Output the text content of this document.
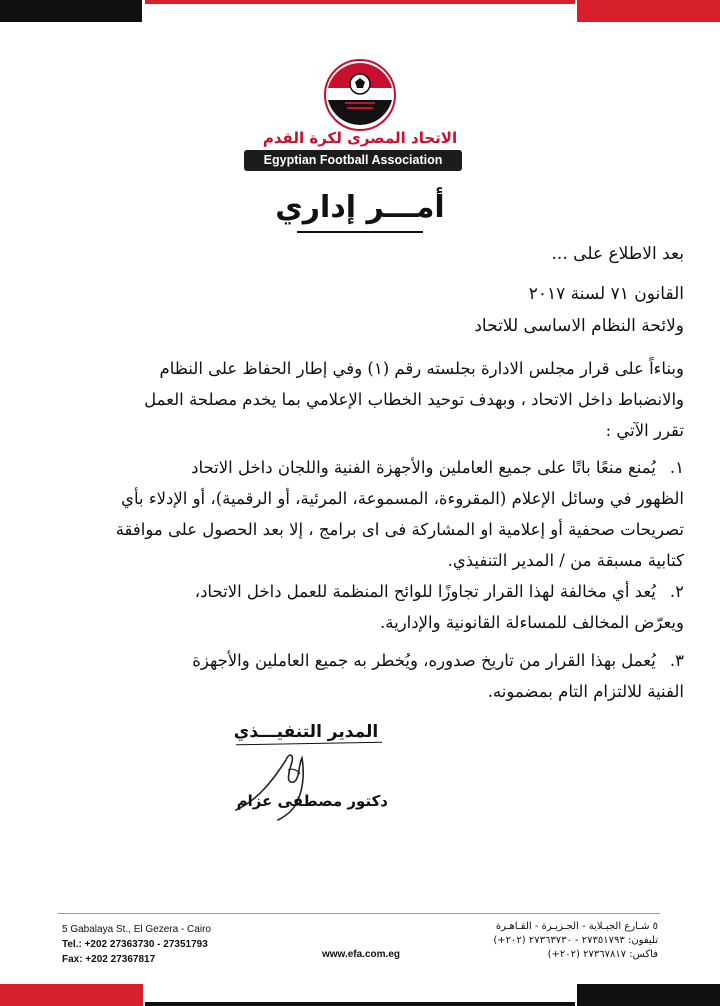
الاتحاد المصرى لكرة القدم
Egyptian Football Association
أمـــر إداري
بعد الاطلاع على ...
القانون ٧١ لسنة ٢٠١٧
ولائحة النظام الاساسى للاتحاد
وبناءاً على قرار مجلس الادارة بجلسته رقم (١) وفي إطار الحفاظ على النظام
والانضباط داخل الاتحاد ، وبهدف توحيد الخطاب الإعلامي بما يخدم مصلحة العمل
تقرر الآتي :
١.يُمنع منعًا باتًا على جميع العاملين والأجهزة الفنية واللجان داخل الاتحاد
الظهور في وسائل الإعلام (المقروءة، المسموعة، المرئية، أو الرقمية)، أو الإدلاء بأي
تصريحات صحفية أو إعلامية او المشاركة فى اى برامج ، إلا بعد الحصول على موافقة
كتابية مسبقة من / المدير التنفيذي.
٢.يُعد أي مخالفة لهذا القرار تجاوزًا للوائح المنظمة للعمل داخل الاتحاد،
ويعرّض المخالف للمساءلة القانونية والإدارية.
٣.يُعمل بهذا القرار من تاريخ صدوره، ويُخطر به جميع العاملين والأجهزة
الفنية للالتزام التام بمضمونه.
المدير التنفيـــذي
دكتور مصطفى عزام
5 Gabalaya St., El Gezera - Cairo
Tel.: +202 27363730 - 27351793
Fax: +202 27367817	www.efa.com.eg
٥ شـارع الجبـلاية - الجـزيـرة - القـاهـرة
تليفون: ٢٧٣٥١٧٩٣ - ٢٧٣٦٣٧٣٠ (٢٠٢+)
فاكس: ٢٧٣٦٧٨١٧ (٢٠٢+)
